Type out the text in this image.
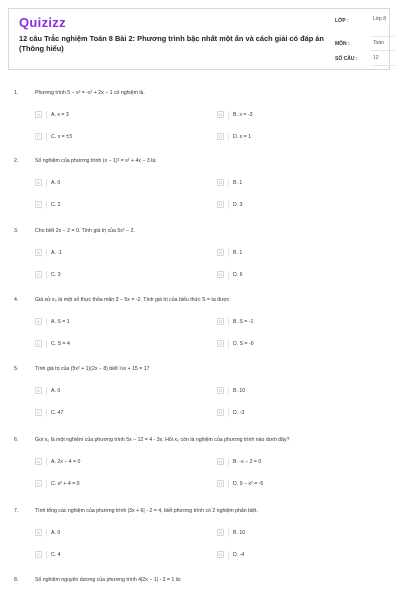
Quizizz
12 câu Trắc nghiệm Toán 8 Bài 2: Phương trình bậc nhất một ẩn và cách giải có đáp án (Thông hiểu)
LỚP :	Lớp 8
MÔN :	Toán
SỐ CÂU :	12
1.	Phương trình 5 − x² = -x² + 2x − 1 có nghiệm là.
A	A. x = 3	B	B. x = -3
C	C. x = ±3	D	D. x = 1
2.	Số nghiệm của phương trình (x − 1)² = x² + 4x − 3 là:
A	A. 0	B	B. 1
C	C. 2	D	D. 3
3.	Cho biết 2x − 2 = 0. Tính giá trị của 5x² − 2.
A	A. -1	B	B. 1
C	C. 3	D	D. 6
4.	Giả sử x₀ là một số thực thỏa mãn 3 − 5x = -2. Tính giá trị của biểu thức S = ta được
A	A. S = 1	B	B. S = -1
C	C. S = 4	D	D. S = -6
5.	Tính giá trị của (5x² + 1)(2x − 8) biết ½x + 15 = 17
A	A. 0	B	B. 10
C	C. 47	D	D. -3
6.	Gọi x₀ là một nghiệm của phương trình 5x − 12 = 4 - 3x. Hỏi x₀ còn là nghiệm của phương trình nào dưới đây?
A	A. 2x − 4 = 0	B	B. -x − 2 = 0
C	C. x² + 4 = 0	D	D. 9 − x² = -5
7.	Tính tổng các nghiệm của phương trình |3x + 6| - 2 = 4, biết phương trình có 2 nghiệm phân biệt.
A	A. 0	B	B. 10
C	C. 4	D	D. -4
8.	Số nghiệm nguyên dương của phương trình 4|2x − 1| - 3 = 1 là:
